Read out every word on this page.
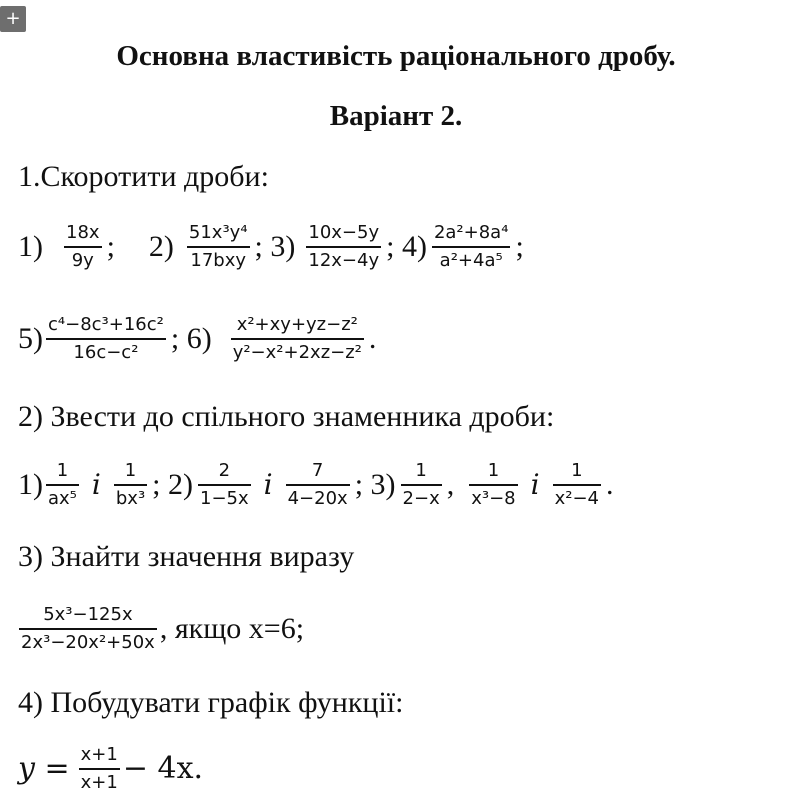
+
Основна властивість раціонального дробу.
Варіант 2.
1.Скоротити дроби:
$1) \frac{18x}{9y}$ ; $2) \frac{\text{51x³y⁴}}{\text{17bxy}}$ ; $3) \frac{10x-5y}{12x-4y}$ ; $4) \frac{\text{2a²+8a⁴}}{\text{a²+4a⁵}}$ ;
$5) \frac{\text{c⁴−8c³+16c²}}{\text{16c−c²}}$ ; $6) \frac{\text{x²+xy+yz−z²}}{\text{y²−x²+2xz−z²}}$ .
2) Звести до спільного знаменника дроби:
$1) \frac{1}{\text{ax⁵}}$ і $\frac{1}{\text{bx³}}$ ; $2) \frac{2}{1-5x}$ і $\frac{7}{4-20x}$ ; $3) \frac{1}{2-x}$ , $\frac{1}{\text{x³−8}}$ і $\frac{1}{\text{x²−4}}$ .
3) Знайти значення виразу
$\frac{\text{5x³−125x}}{\text{2x³−20x²+50x}}$ , якщо х=6;
4) Побудувати графік функції:
$y = \frac{x+1}{x+1} - 4x$.
